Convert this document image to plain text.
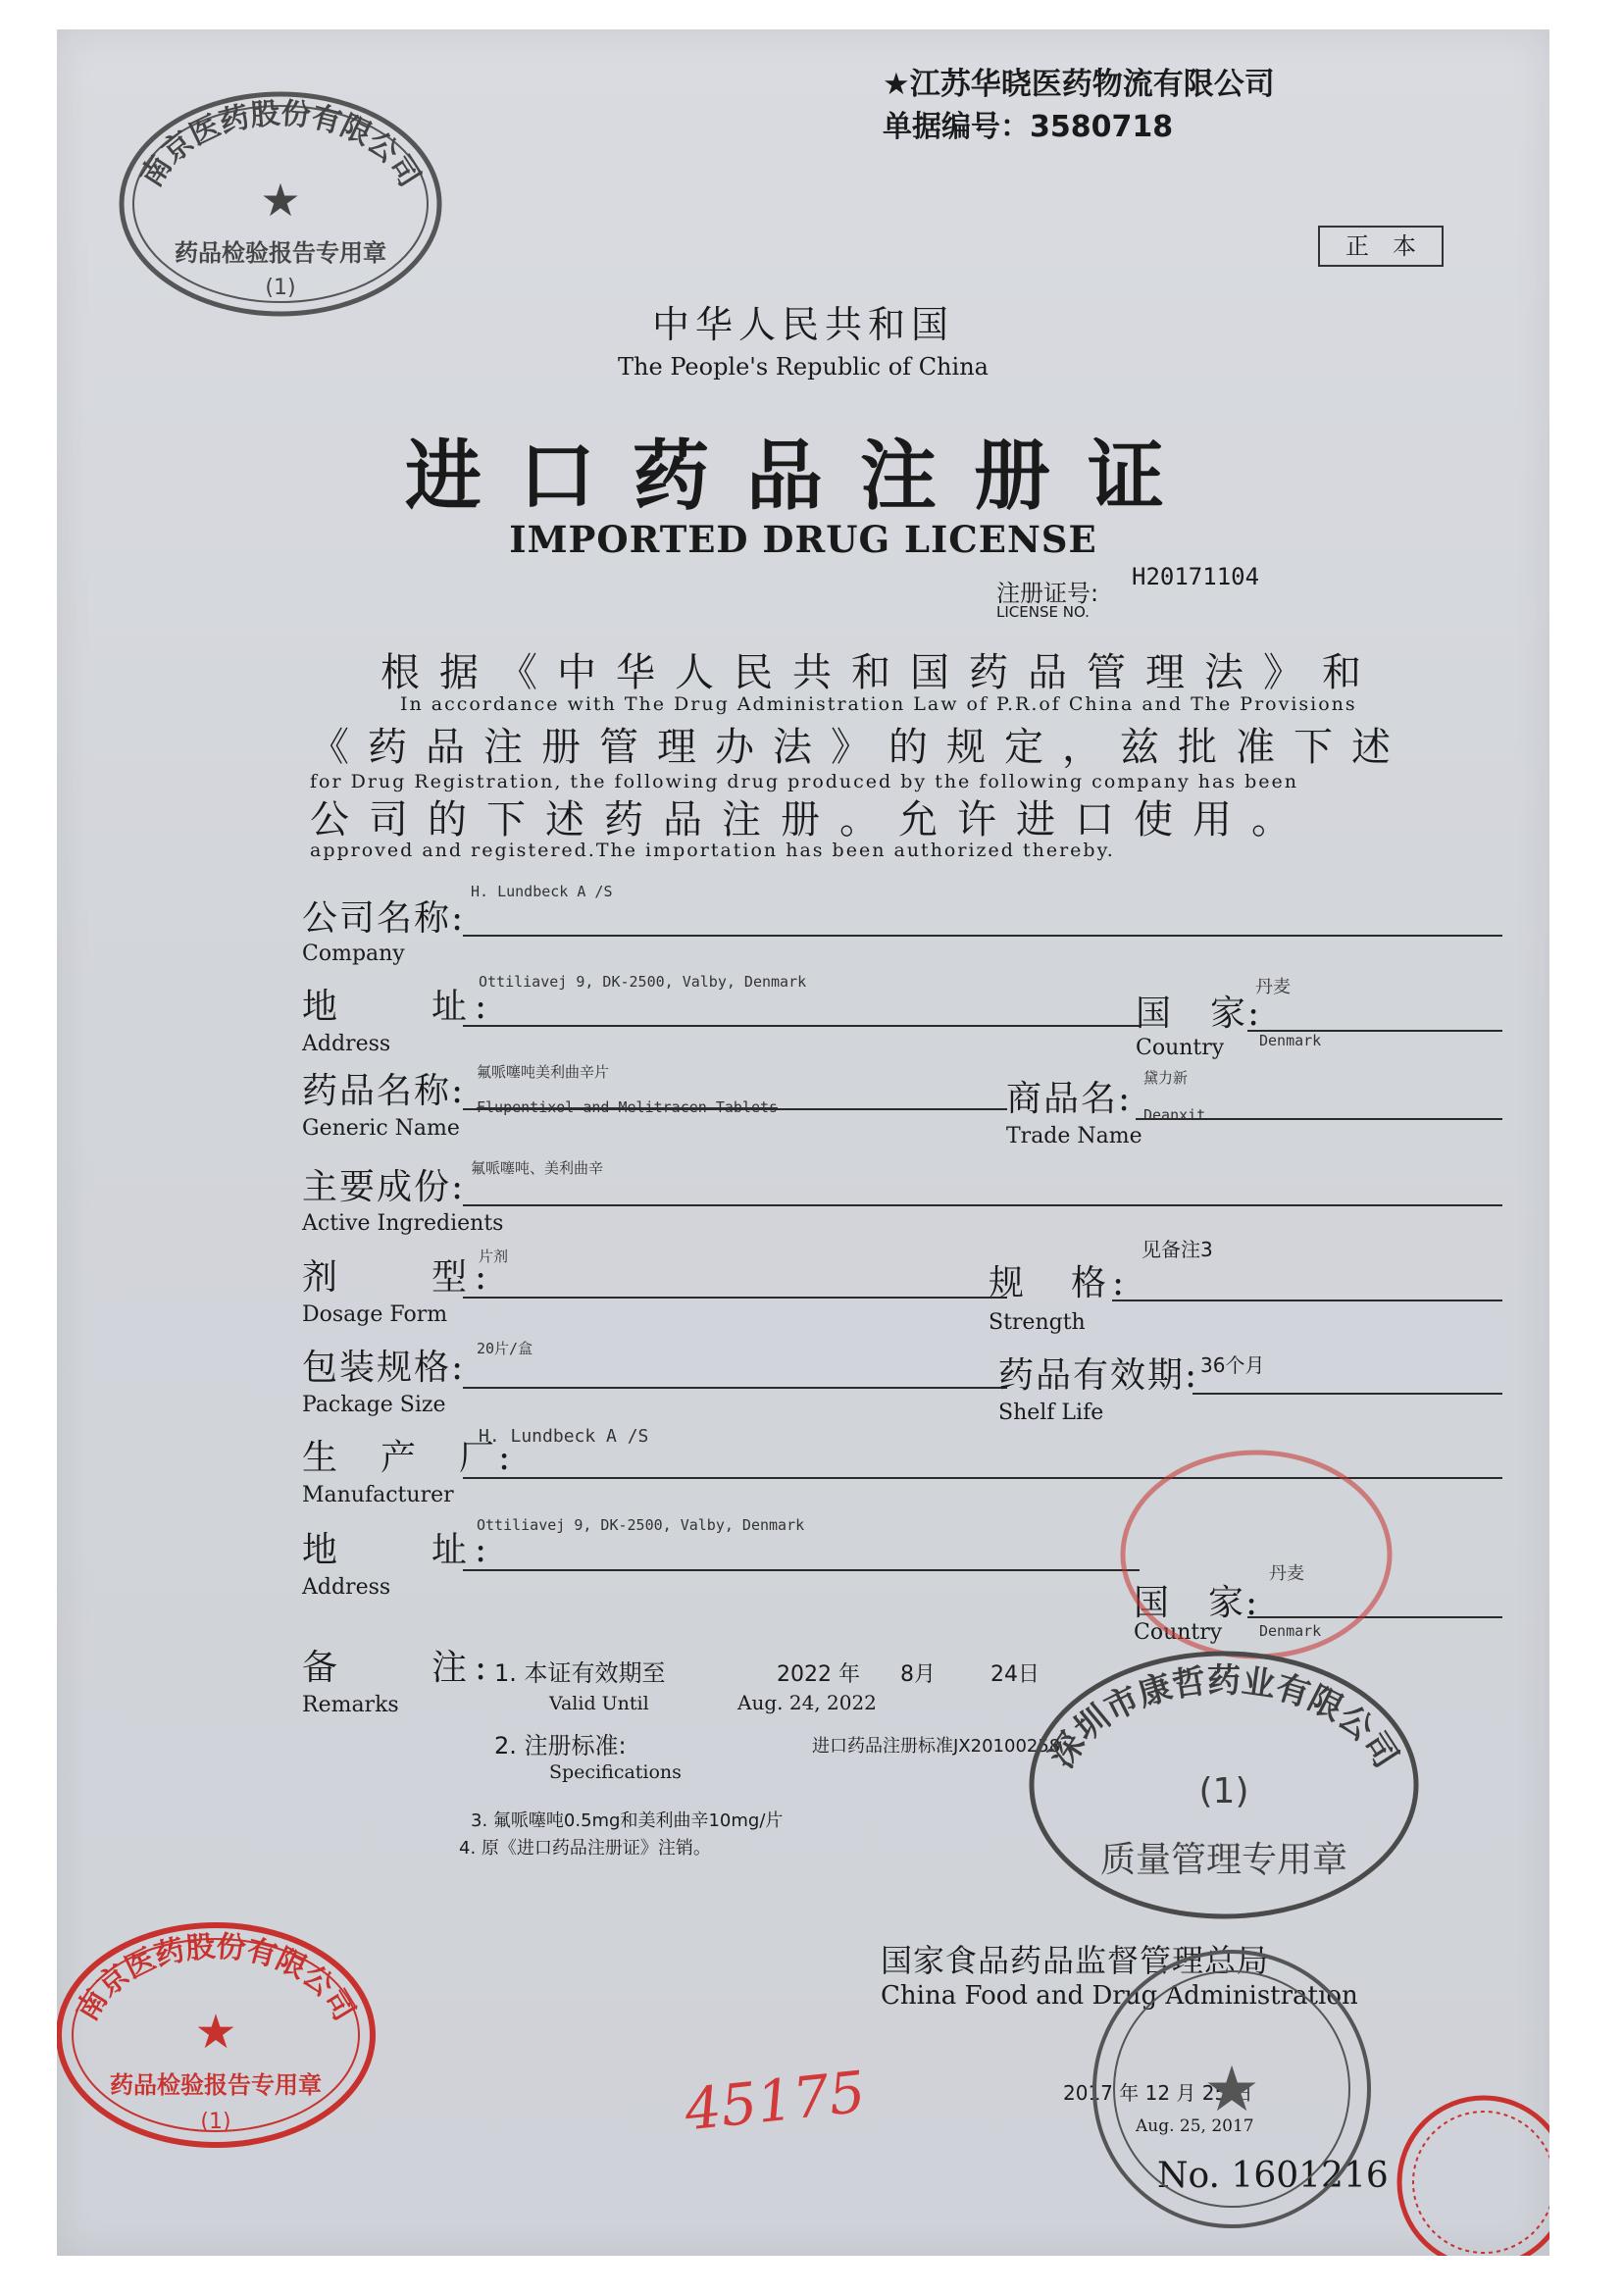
★江苏华晓医药物流有限公司
单据编号：3580718
正　本
中华人民共和国
The People's Republic of China
进口药品注册证
IMPORTED DRUG LICENSE
注册证号:
LICENSE NO.
H20171104
根据《中华人民共和国药品管理法》和
In accordance with The Drug Administration Law of P.R.of China and The Provisions
《药品注册管理办法》的规定，兹批准下述
for Drug Registration, the following drug produced by the following company has been
公司的下述药品注册。允许进口使用。
approved and registered.The importation has been authorized thereby.
公司名称:
Company
H. Lundbeck A /S
地　　址:
Address
Ottiliavej 9, DK-2500, Valby, Denmark
国　家:
Country
丹麦
Denmark
药品名称:
Generic Name
氟哌噻吨美利曲辛片
Flupentixol and Melitracen Tablets	商品名:
Trade Name
黛力新
Deanxit
主要成份:
Active Ingredients
氟哌噻吨、美利曲辛
剂　　型:
Dosage Form
片剂
规　格:
Strength
见备注3
包装规格:
Package Size
20片/盒
药品有效期:
Shelf Life
36个月
生　产　厂:
Manufacturer
H. Lundbeck A /S
地　　址:
Address
Ottiliavej 9, DK-2500, Valby, Denmark
国　家:
Country
丹麦
Denmark
备　　注:
Remarks
1. 本证有效期至	2022 年 8月	24日
Valid Until	Aug. 24, 2022
2. 注册标准:
Specifications
进口药品注册标准JX20100258
3. 氟哌噻吨0.5mg和美利曲辛10mg/片
4. 原《进口药品注册证》注销。
国家食品药品监督管理总局
China Food and Drug Administration
2017 年 12 月 25 日
Aug. 25, 2017
No. 1601216
南京医药股份有限公司
★
药品检验报告专用章
(1)
南京医药股份有限公司
★
药品检验报告专用章
(1)
深圳市康哲药业有限公司
(1)
质量管理专用章
★
45175
